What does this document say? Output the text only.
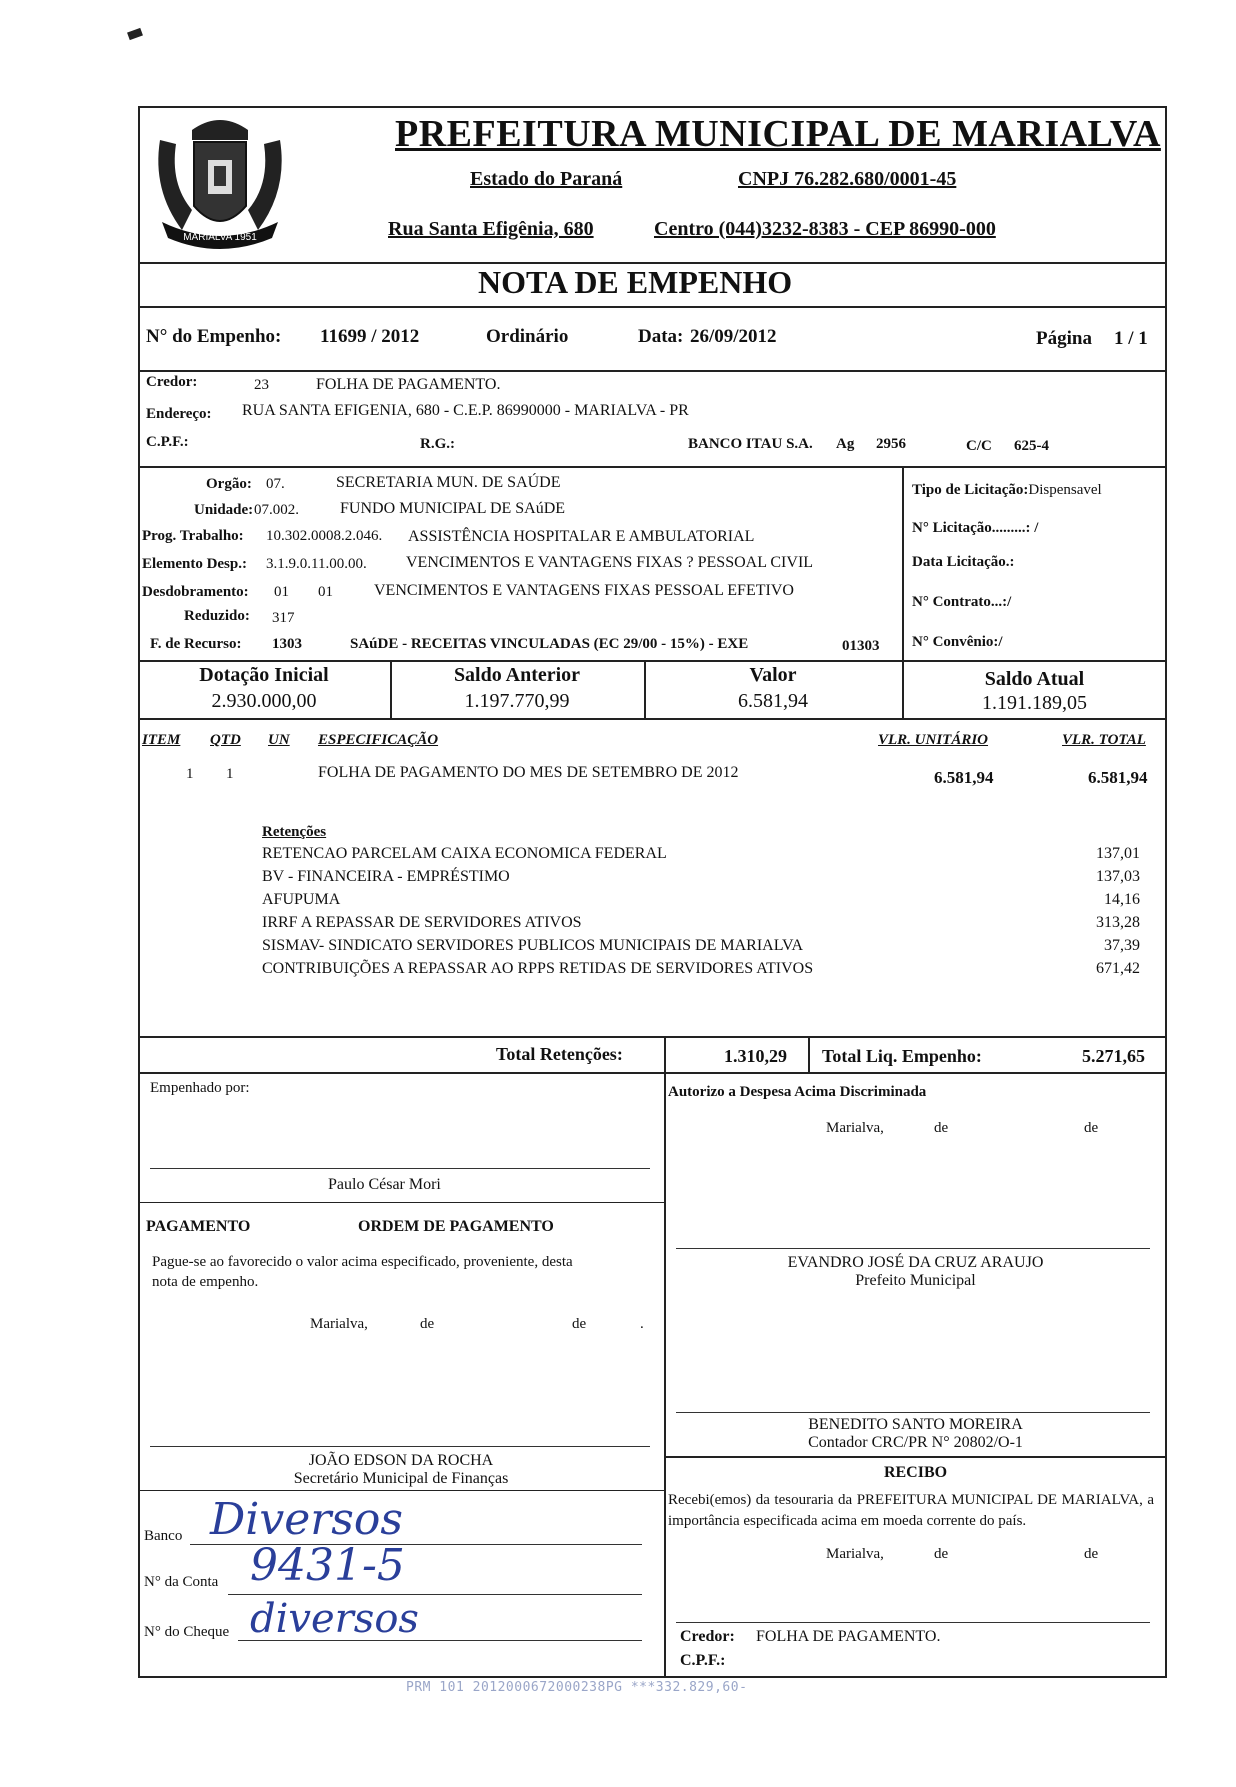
MARIALVA 1951
PREFEITURA MUNICIPAL DE MARIALVA
Estado do Paraná	CNPJ 76.282.680/0001-45
Rua Santa Efigênia, 680	Centro (044)3232-8383 - CEP 86990-000
NOTA DE EMPENHO
N° do Empenho: 11699 / 2012	Ordinário	Data: 26/09/2012	Página 1 / 1
Credor:	23	FOLHA DE PAGAMENTO.
Endereço: RUA SANTA EFIGENIA, 680 - C.E.P. 86990000 - MARIALVA - PR
C.P.F.:	R.G.:	BANCO ITAU S.A. Ag 2956	C/C 625-4
Orgão: 07.	SECRETARIA MUN. DE SAÚDE
Unidade: 07.002.	FUNDO MUNICIPAL DE SAúDE
Prog. Trabalho: 10.302.0008.2.046. ASSISTÊNCIA HOSPITALAR E AMBULATORIAL
Elemento Desp.: 3.1.9.0.11.00.00. VENCIMENTOS E VANTAGENS FIXAS ? PESSOAL CIVIL
Desdobramento: 01 01	VENCIMENTOS E VANTAGENS FIXAS PESSOAL EFETIVO
Reduzido: 317
F. de Recurso: 1303	SAúDE - RECEITAS VINCULADAS (EC 29/00 - 15%) - EXE	01303
Tipo de Licitação:Dispensavel
N° Licitação.........: /
Data Licitação.:
N° Contrato...:/
N° Convênio:/
Dotação Inicial
2.930.000,00
Saldo Anterior
1.197.770,99
Valor
6.581,94
Saldo Atual
1.191.189,05
ITEM QTD UN ESPECIFICAÇÃO	VLR. UNITÁRIO	VLR. TOTAL
1 1	FOLHA DE PAGAMENTO DO MES DE SETEMBRO DE 2012	6.581,94	6.581,94
Retenções
RETENCAO PARCELAM CAIXA ECONOMICA FEDERAL	137,01
BV - FINANCEIRA - EMPRÉSTIMO	137,03
AFUPUMA	14,16
IRRF A REPASSAR DE SERVIDORES ATIVOS	313,28
SISMAV- SINDICATO SERVIDORES PUBLICOS MUNICIPAIS DE MARIALVA	37,39
CONTRIBUIÇÕES A REPASSAR AO RPPS RETIDAS DE SERVIDORES ATIVOS	671,42
Total Retenções:	1.310,29 Total Liq. Empenho:	5.271,65
Empenhado por:
Paulo César Mori
Autorizo a Despesa Acima Discriminada
Marialva,	de	de
EVANDRO JOSÉ DA CRUZ ARAUJO
Prefeito Municipal
PAGAMENTO	ORDEM DE PAGAMENTO
Pague-se ao favorecido o valor acima especificado, proveniente, desta
nota de empenho.
Marialva,	de	de	.
JOÃO EDSON DA ROCHA
Secretário Municipal de Finanças
BENEDITO SANTO MOREIRA
Contador CRC/PR N° 20802/O-1
RECIBO
Recebi(emos) da tesouraria da PREFEITURA MUNICIPAL DE MARIALVA, a importância especificada acima em moeda corrente do país.
Marialva,	de	de
Credor: FOLHA DE PAGAMENTO.
C.P.F.:
Banco Diversos
N° da Conta 9431-5
N° do Cheque diversos
PRM 101 2012000672000238PG ***332.829,60-
